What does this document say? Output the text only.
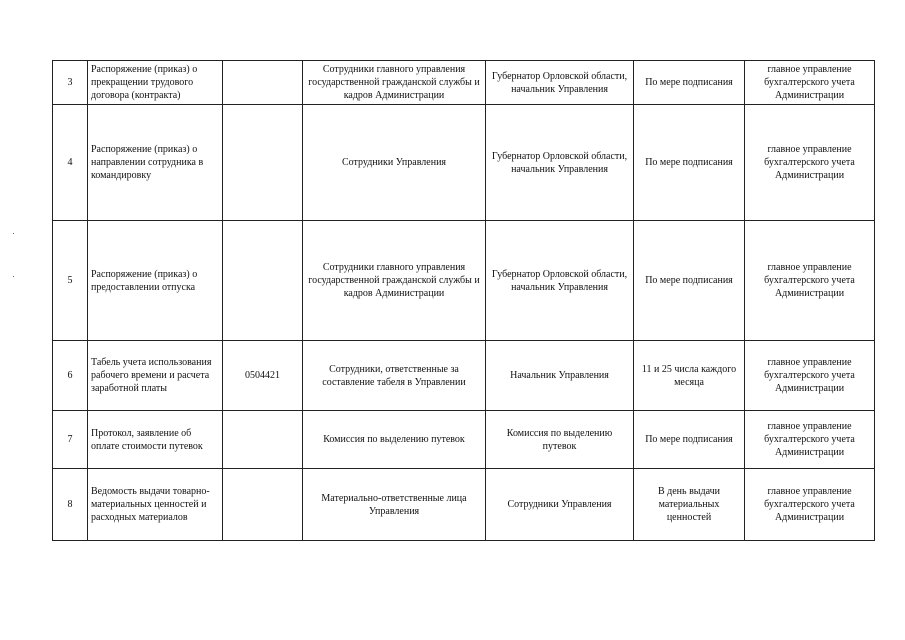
3	Распоряжение (приказ) о прекращении трудового договора (контракта)		Сотрудники главного управления государственной гражданской службы и кадров Администрации	Губернатор Орловской области, начальник Управления	По мере подписания	главное управление бухгалтерского учета Администрации
4	Распоряжение (приказ) о направлении сотрудника в командировку		Сотрудники Управления	Губернатор Орловской области, начальник Управления	По мере подписания	главное управление бухгалтерского учета Администрации
5	Распоряжение (приказ) о предоставлении отпуска		Сотрудники главного управления государственной гражданской службы и кадров Администрации	Губернатор Орловской области, начальник Управления	По мере подписания	главное управление бухгалтерского учета Администрации
6	Табель учета использования рабочего времени и расчета заработной платы	0504421	Сотрудники, ответственные за составление табеля в Управлении	Начальник Управления	11 и 25 числа каждого месяца	главное управление бухгалтерского учета Администрации
7	Протокол, заявление об оплате стоимости путевок		Комиссия по выделению путевок	Комиссия по выделению путевок	По мере подписания	главное управление бухгалтерского учета Администрации
8	Ведомость выдачи товарно-материальных ценностей и расходных материалов		Материально-ответственные лица Управления	Сотрудники Управления	В день выдачи материальных ценностей	главное управление бухгалтерского учета Администрации
